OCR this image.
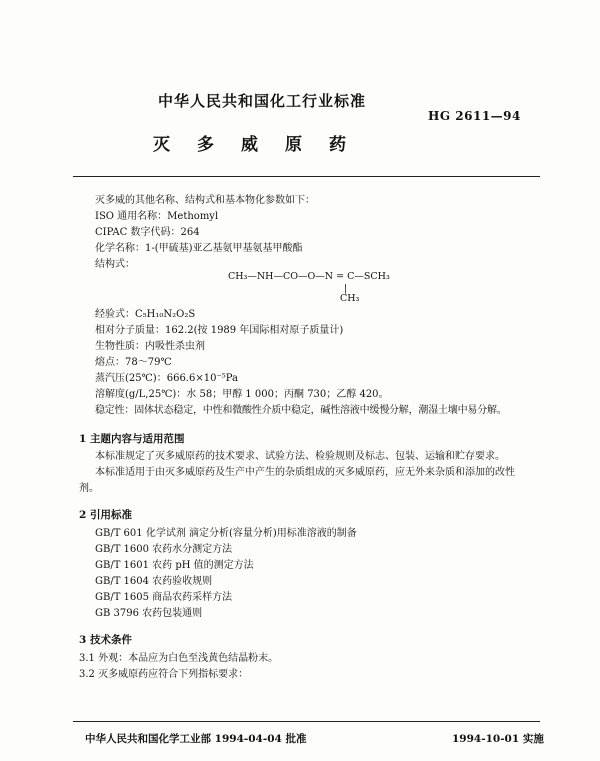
中华人民共和国化工行业标准
HG 2611—94
灭 多 威 原 药
灭多威的其他名称、结构式和基本物化参数如下：
ISO 通用名称：Methomyl
CIPAC 数字代码：264
化学名称：1-(甲硫基)亚乙基氨甲基氨基甲酸酯
结构式：
CH₃—NH—CO—O—N = C—SCH₃
|
CH₃
经验式：C₅H₁₀N₂O₂S
相对分子质量：162.2(按 1989 年国际相对原子质量计)
生物性质：内吸性杀虫剂
熔点：78～79℃
蒸汽压(25℃)：666.6×10⁻⁵Pa
溶解度(g/L,25℃)：水 58；甲醇 1 000；丙酮 730；乙醇 420。
稳定性：固体状态稳定，中性和微酸性介质中稳定，碱性溶液中缓慢分解，潮湿土壤中易分解。
1 主题内容与适用范围
本标准规定了灭多威原药的技术要求、试验方法、检验规则及标志、包装、运输和贮存要求。
本标准适用于由灭多威原药及生产中产生的杂质组成的灭多威原药，应无外来杂质和添加的改性
剂。
2 引用标准
GB/T 601 化学试剂 滴定分析(容量分析)用标准溶液的制备
GB/T 1600 农药水分测定方法
GB/T 1601 农药 pH 值的测定方法
GB/T 1604 农药验收规则
GB/T 1605 商品农药采样方法
GB 3796 农药包装通则
3 技术条件
3.1 外观：本品应为白色至浅黄色结晶粉末。
3.2 灭多威原药应符合下列指标要求：
中华人民共和国化学工业部 1994-04-04 批准	1994-10-01 实施
